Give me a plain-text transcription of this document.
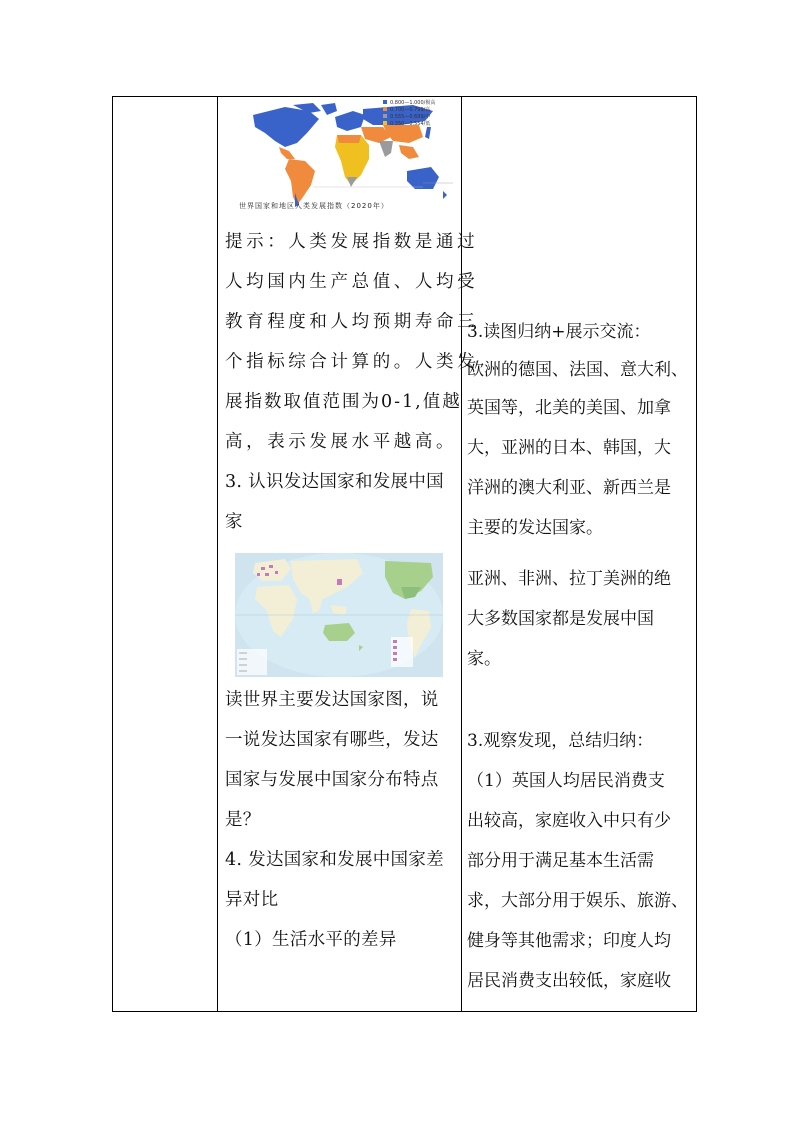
0.800—1.000/极高
0.700—0.799/高
0.555—0.699/中
0.350—0.554/低
世界国家和地区人类发展指数（2020年）
提示：人类发展指数是通过
人均国内生产总值、人均受
教育程度和人均预期寿命三
个指标综合计算的。人类发
展指数取值范围为0-1,值越
高，表示发展水平越高。
3. 认识发达国家和发展中国
家
读世界主要发达国家图，说
一说发达国家有哪些，发达
国家与发展中国家分布特点
是？
4. 发达国家和发展中国家差
异对比
（1）生活水平的差异
3.读图归纳+展示交流：
欧洲的德国、法国、意大利、
英国等，北美的美国、加拿
大，亚洲的日本、韩国，大
洋洲的澳大利亚、新西兰是
主要的发达国家。
亚洲、非洲、拉丁美洲的绝
大多数国家都是发展中国
家。
3.观察发现，总结归纳：
（1）英国人均居民消费支
出较高，家庭收入中只有少
部分用于满足基本生活需
求，大部分用于娱乐、旅游、
健身等其他需求；印度人均
居民消费支出较低，家庭收
